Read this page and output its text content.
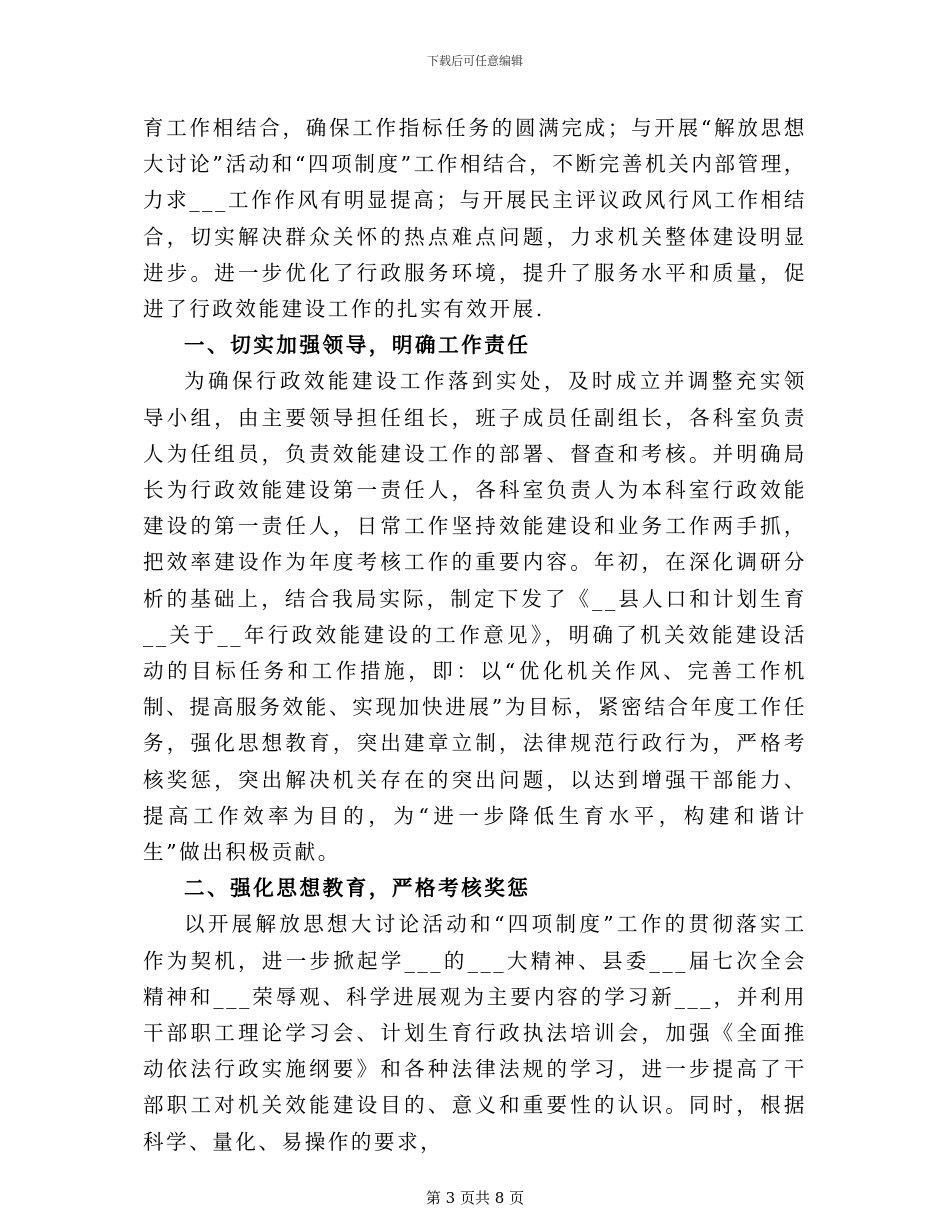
下载后可任意编辑

育工作相结合，确保工作指标任务的圆满完成；与开展“解放思想大讨论”活动和“四项制度”工作相结合，不断完善机关内部管理，力求___工作作风有明显提高；与开展民主评议政风行风工作相结合，切实解决群众关怀的热点难点问题，力求机关整体建设明显进步。进一步优化了行政服务环境，提升了服务水平和质量，促进了行政效能建设工作的扎实有效开展.

一、切实加强领导，明确工作责任

为确保行政效能建设工作落到实处，及时成立并调整充实领导小组，由主要领导担任组长，班子成员任副组长，各科室负责人为任组员，负责效能建设工作的部署、督查和考核。并明确局长为行政效能建设第一责任人，各科室负责人为本科室行政效能建设的第一责任人，日常工作坚持效能建设和业务工作两手抓，把效率建设作为年度考核工作的重要内容。年初，在深化调研分析的基础上，结合我局实际，制定下发了《__县人口和计划生育__关于__年行政效能建设的工作意见》，明确了机关效能建设活动的目标任务和工作措施，即：以“优化机关作风、完善工作机制、提高服务效能、实现加快进展”为目标，紧密结合年度工作任务，强化思想教育，突出建章立制，法律规范行政行为，严格考核奖惩，突出解决机关存在的突出问题，以达到增强干部能力、提高工作效率为目的，为“进一步降低生育水平，构建和谐计生”做出积极贡献。

二、强化思想教育，严格考核奖惩

以开展解放思想大讨论活动和“四项制度”工作的贯彻落实工作为契机，进一步掀起学___的___大精神、县委___届七次全会精神和___荣辱观、科学进展观为主要内容的学习新___，并利用干部职工理论学习会、计划生育行政执法培训会，加强《全面推动依法行政实施纲要》和各种法律法规的学习，进一步提高了干部职工对机关效能建设目的、意义和重要性的认识。同时，根据科学、量化、易操作的要求，

第 3 页共 8 页
